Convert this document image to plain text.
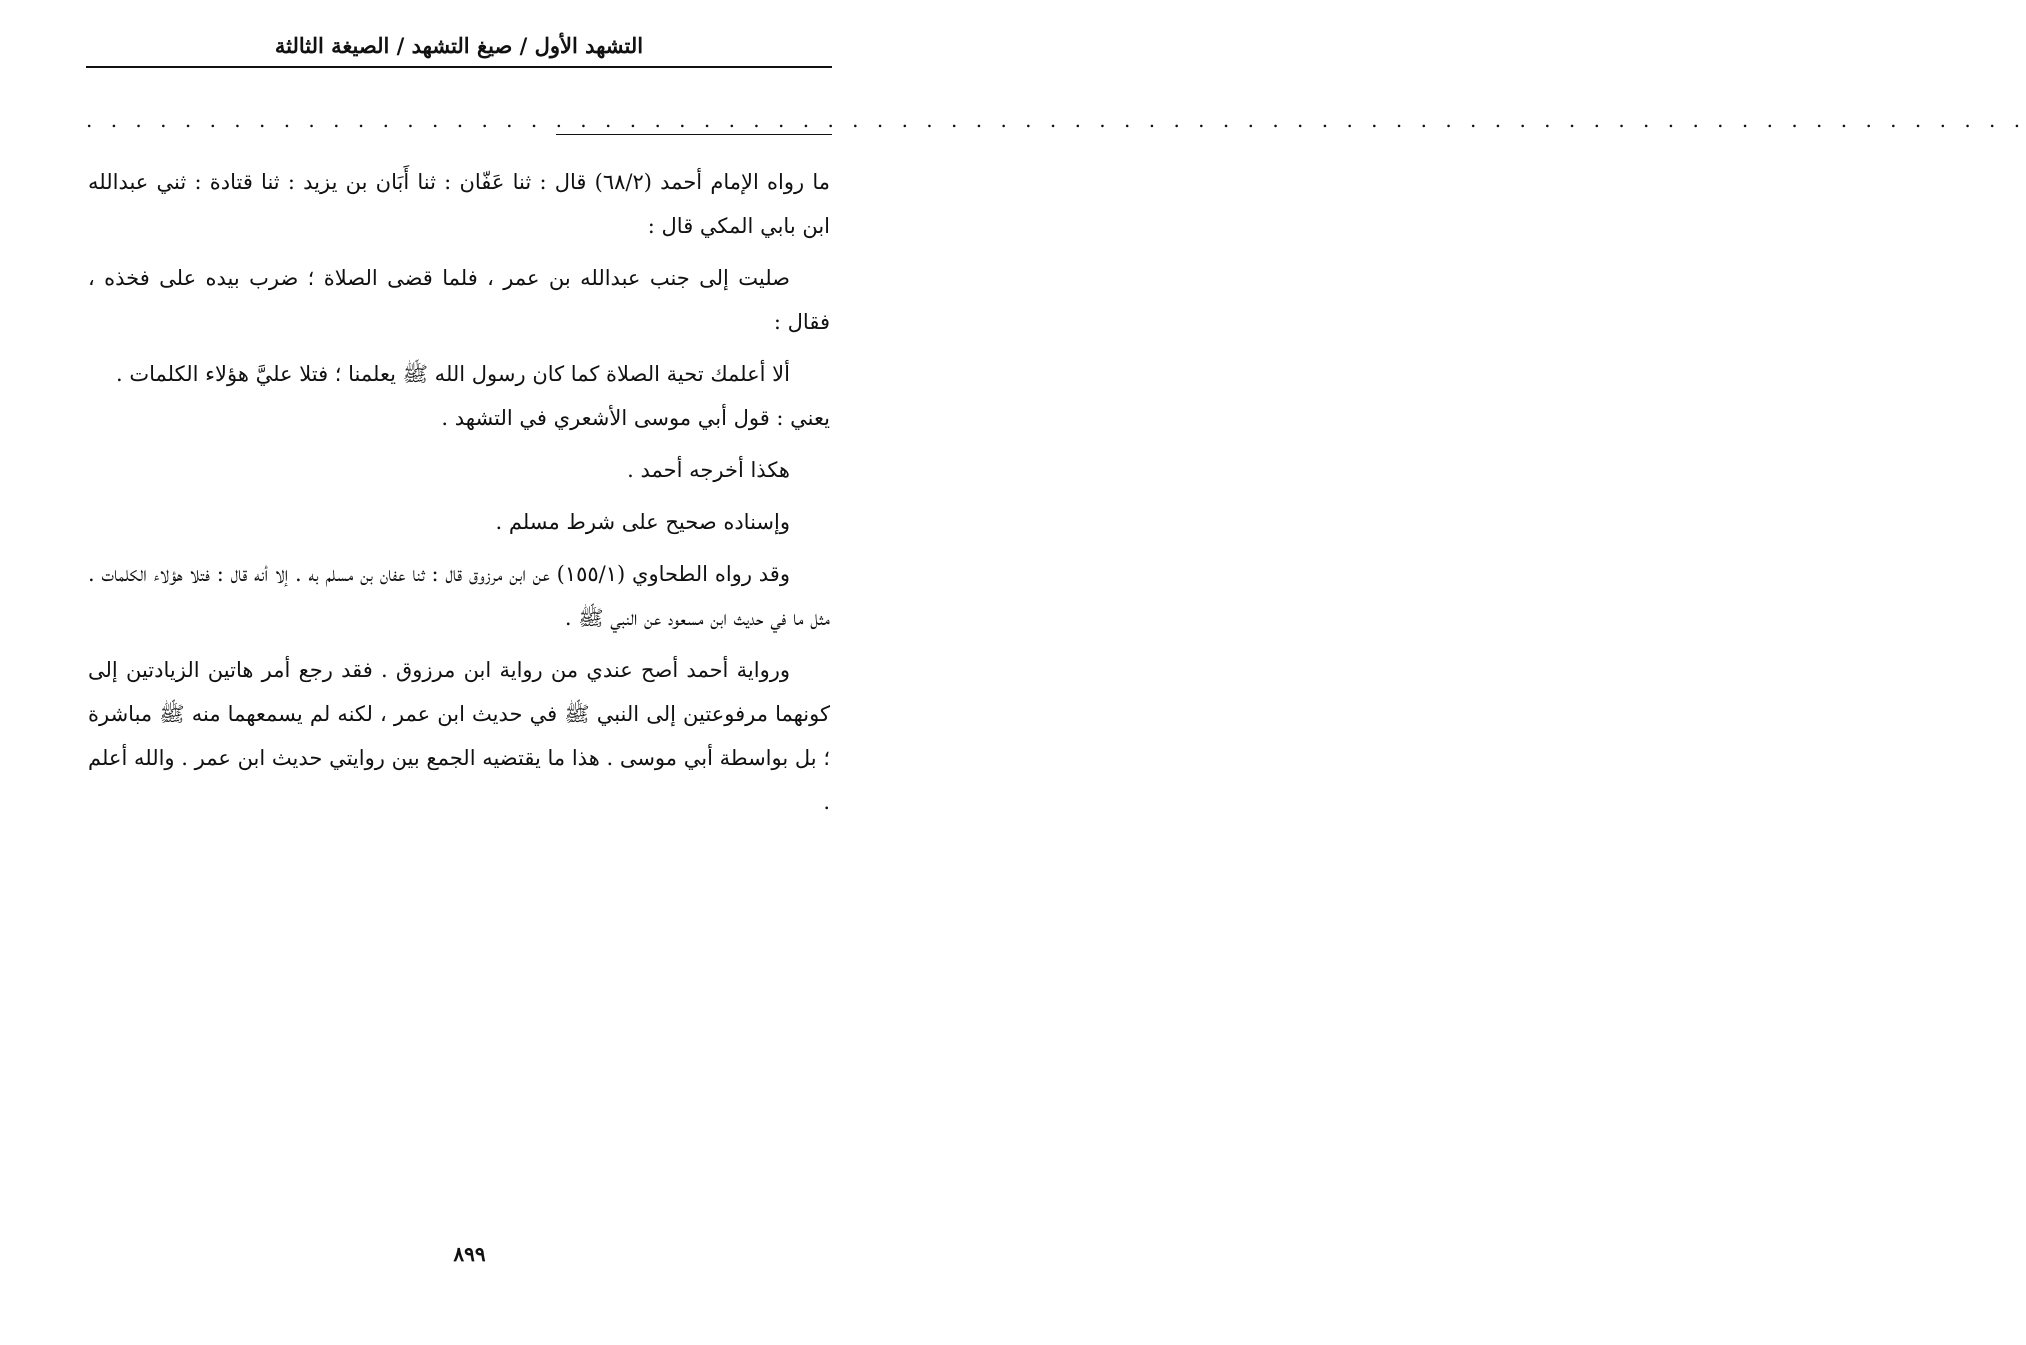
التشهد الأول / صيغ التشهد / الصيغة الثالثة
. . . . . . . . . . . . . . . . . . . . . . . . . . . . . . . . . . . . . . . . . . . . . . . . . . . . . . . . . . . . . . . . . . . . . . . . . . . . . . .

ما رواه الإمام أحمد (٦٨/٢) قال : ثنا عَفّان : ثنا أَبَان بن يزيد : ثنا قتادة : ثني عبدالله ابن بابي المكي قال :

صليت إلى جنب عبدالله بن عمر ، فلما قضى الصلاة ؛ ضرب بيده على فخذه ، فقال :

ألا أعلمك تحية الصلاة كما كان رسول الله ﷺ يعلمنا ؛ فتلا عليَّ هؤلاء الكلمات .

يعني : قول أبي موسى الأشعري في التشهد .

هكذا أخرجه أحمد .

وإسناده صحيح على شرط مسلم .

وقد رواه الطحاوي (١٥٥/١) عن ابن مرزوق قال : ثنا عفان بن مسلم به . إلا أنه قال : فتلا هؤلاء الكلمات . مثل ما في حديث ابن مسعود عن النبي ﷺ .

ورواية أحمد أصح عندي من رواية ابن مرزوق . فقد رجع أمر هاتين الزيادتين إلى كونهما مرفوعتين إلى النبي ﷺ في حديث ابن عمر ، لكنه لم يسمعهما منه ﷺ مباشرة ؛ بل بواسطة أبي موسى . هذا ما يقتضيه الجمع بين روايتي حديث ابن عمر . والله أعلم .

٨٩٩
